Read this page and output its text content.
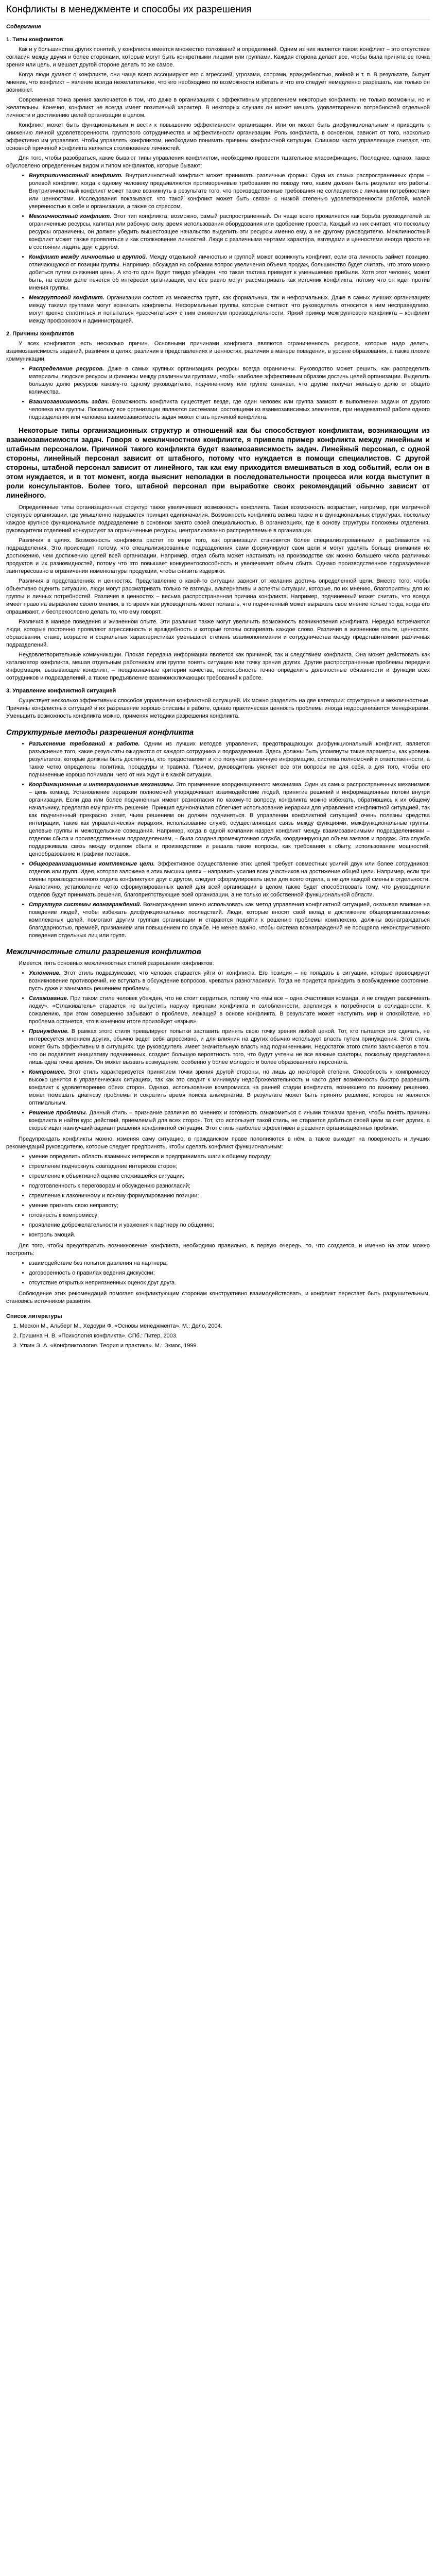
Конфликты в менеджменте и способы их разрешения
Содержание
1. Типы конфликтов

Как и у большинства других понятий, у конфликта имеется множество толкований и определений. Одним из них является такое: конфликт – это отсутствие согласия между двумя и более сторонами, которые могут быть конкретными лицами или группами. Каждая сторона делает все, чтобы была принята ее точка зрения или цель, и мешает другой стороне делать то же самое.

Когда люди думают о конфликте, они чаще всего ассоциируют его с агрессией, угрозами, спорами, враждебностью, войной и т. п. В результате, бытует мнение, что конфликт – явление всегда нежелательное, что его необходимо по возможности избегать и что его следует немедленно разрешать, как только он возникнет.

Современная точка зрения заключается в том, что даже в организациях с эффективным управлением некоторые конфликты не только возможны, но и желательны. Конечно, конфликт не всегда имеет позитивный характер. В некоторых случаях он может мешать удовлетворению потребностей отдельной личности и достижению целей организации в целом.

Конфликт может быть функциональным и вести к повышению эффективности организации. Или он может быть дисфункциональным и приводить к снижению личной удовлетворенности, группового сотрудничества и эффективности организации. Роль конфликта, в основном, зависит от того, насколько эффективно им управляют. Чтобы управлять конфликтом, необходимо понимать причины конфликтной ситуации. Слишком часто управляющие считают, что основной причиной конфликта является столкновение личностей.

Для того, чтобы разобраться, какие бывают типы управления конфликтом, необходимо провести тщательное классификацию. Последнее, однако, также обусловлено определенным видом и типом конфликтов, которые бывают:

• Внутриличностный конфликт. Внутриличностный конфликт может принимать различные формы. Одна из самых распространенных форм – ролевой конфликт, когда к одному человеку предъявляются противоречивые требования по поводу того, каким должен быть результат его работы. Внутриличностный конфликт может также возникнуть в результате того, что производственные требования не согласуются с личными потребностями или ценностями. Исследования показывают, что такой конфликт может быть связан с низкой степенью удовлетворенности работой, малой уверенностью в себе и организации, а также со стрессом.
• Межличностный конфликт. Этот тип конфликта, возможно, самый распространенный. Он чаще всего проявляется как борьба руководителей за ограниченные ресурсы, капитал или рабочую силу, время использования оборудования или одобрение проекта. Каждый из них считает, что поскольку ресурсы ограничены, он должен убедить вышестоящее начальство выделить эти ресурсы именно ему, а не другому руководителю. Межличностный конфликт может также проявляться и как столкновение личностей. Люди с различными чертами характера, взглядами и ценностями иногда просто не в состоянии ладить друг с другом.
• Конфликт между личностью и группой. Между отдельной личностью и группой может возникнуть конфликт, если эта личность займет позицию, отличающуюся от позиции группы. Например, обсуждая на собрании вопрос увеличения объема продаж, большинство будет считать, что этого можно добиться путем снижения цены. А кто-то один будет твердо убежден, что такая тактика приведет к уменьшению прибыли. Хотя этот человек, может быть, на самом деле печется об интересах организации, его все равно могут рассматривать как источник конфликта, потому что он идет против мнения группы.
• Межгрупповой конфликт. Организации состоят из множества групп, как формальных, так и неформальных. Даже в самых лучших организациях между такими группами могут возникать конфликты. Неформальные группы, которые считают, что руководитель относится к ним несправедливо, могут крепче сплотиться и попытаться «рассчитаться» с ним снижением производительности. Яркий пример межгруппового конфликта – конфликт между профсоюзом и администрацией.
2. Причины конфликтов

У всех конфликтов есть несколько причин. Основными причинами конфликта являются ограниченность ресурсов, которые надо делить, взаимозависимость заданий, различия в целях, различия в представлениях и ценностях, различия в манере поведения, в уровне образования, а также плохие коммуникации.

• Распределение ресурсов. Даже в самых крупных организациях ресурсы всегда ограничены. Руководство может решить, как распределить материалы, людские ресурсы и финансы между различными группами, чтобы наиболее эффективным образом достичь целей организации. Выделить большую долю ресурсов какому-то одному руководителю, подчиненному или группе означает, что другие получат меньшую долю от общего количества.
• Взаимозависимость задач. Возможность конфликта существует везде, где один человек или группа зависят в выполнении задачи от другого человека или группы. Поскольку все организации являются системами, состоящими из взаимозависимых элементов, при неадекватной работе одного подразделения или человека взаимозависимость задач может стать причиной конфликта.

Некоторые типы организационных структур и отношений как бы способствуют конфликтам, возникающим из взаимозависимости задач. Говоря о межличностном конфликте, я привела пример конфликта между линейным и штабным персоналом. Причиной такого конфликта будет взаимозависимость задач. Линейный персонал, с одной стороны, линейный персонал зависит от штабного, потому что нуждается в помощи специалистов. С другой стороны, штабной персонал зависит от линейного, так как ему приходится вмешиваться в ход событий, если он в этом нуждается, и в тот момент, когда выяснит неполадки в последовательности процесса или когда выступит в роли консультантов. Более того, штабной персонал при выработке своих рекомендаций обычно зависит от линейного.

Определённые типы организационных структур также увеличивают возможность конфликта. Такая возможность возрастает, например, при матричной структуре организации, где умышленно нарушается принцип единоначалия. Возможность конфликта велика также и в функциональных структурах, поскольку каждое крупное функциональное подразделение в основном занято своей специальностью. В организациях, где в основу структуры положены отделения, руководители отделений конкурируют за ограниченные ресурсы, централизованно распределяемые в организации.

Различия в целях. Возможность конфликта растет по мере того, как организации становятся более специализированными и разбиваются на подразделения. Это происходит потому, что специализированные подразделения сами формулируют свои цели и могут уделять больше внимания их достижению, чем достижению целей всей организации. Например, отдел сбыта может настаивать на производстве как можно большего числа различных продуктов и их разновидностей, потому что это повышает конкурентоспособность и увеличивает объем сбыта. Однако производственное подразделение заинтересовано в ограничении номенклатуры продукции, чтобы снизить издержки.

Различия в представлениях и ценностях. Представление о какой-то ситуации зависит от желания достичь определенной цели. Вместо того, чтобы объективно оценить ситуацию, люди могут рассматривать только те взгляды, альтернативы и аспекты ситуации, которые, по их мнению, благоприятны для их группы и личных потребностей. Различия в ценностях – весьма распространенная причина конфликта. Например, подчиненный может считать, что всегда имеет право на выражение своего мнения, в то время как руководитель может полагать, что подчиненный может выражать свое мнение только тогда, когда его спрашивают, и беспрекословно делать то, что ему говорят.

Различия в манере поведения и жизненном опыте. Эти различия также могут увеличить возможность возникновения конфликта. Нередко встречаются люди, которые постоянно проявляют агрессивность и враждебность и которые готовы оспаривать каждое слово. Различия в жизненном опыте, ценностях, образовании, стаже, возрасте и социальных характеристиках уменьшают степень взаимопонимания и сотрудничества между представителями различных подразделений.

Неудовлетворительные коммуникации. Плохая передача информации является как причиной, так и следствием конфликта. Она может действовать как катализатор конфликта, мешая отдельным работникам или группе понять ситуацию или точку зрения других. Другие распространенные проблемы передачи информации, вызывающие конфликт, – неоднозначные критерии качества, неспособность точно определить должностные обязанности и функции всех сотрудников и подразделений, а также предъявление взаимоисключающих требований к работе.

3. Управление конфликтной ситуацией

Существует несколько эффективных способов управления конфликтной ситуацией. Их можно разделить на две категории: структурные и межличностные. Причины конфликтных ситуаций и их разрешение хорошо описаны в работе, однако практическая ценность проблемы иногда недооценивается менеджерами. Уменьшить возможность конфликта можно, применяя методики разрешения конфликта.

Структурные методы разрешения конфликта
• Разъяснение требований к работе. Одним из лучших методов управления, предотвращающих дисфункциональный конфликт, является разъяснение того, какие результаты ожидаются от каждого сотрудника и подразделения. Здесь должны быть упомянуты такие параметры, как уровень результатов, которые должны быть достигнуты, кто предоставляет и кто получает различную информацию, система полномочий и ответственности, а также четко определены политика, процедуры и правила. Причем, руководитель уясняет все эти вопросы не для себя, а для того, чтобы его подчиненные хорошо понимали, чего от них ждут и в какой ситуации.
• Координационные и интеграционные механизмы. Это применение координационного механизма. Один из самых распространенных механизмов – цепь команд. Установление иерархии полномочий упорядочивает взаимодействие людей, принятие решений и информационные потоки внутри организации. Если два или более подчиненных имеют разногласия по какому-то вопросу, конфликта можно избежать, обратившись к их общему начальнику, предлагая ему принять решение. Принцип единоначалия облегчает использование иерархии для управления конфликтной ситуацией, так как подчиненный прекрасно знает, чьим решениям он должен подчиняться. В управлении конфликтной ситуацией очень полезны средства интеграции, такие как управленческая иерархия, использование служб, осуществляющих связь между функциями, межфункциональные группы, целевые группы и межотдельские совещания. Например, когда в одной компании назрел конфликт между взаимозависимыми подразделениями – отделом сбыта и производственным подразделением, – была создана промежуточная служба, координирующая объем заказов и продаж. Эта служба поддерживала связь между отделом сбыта и производством и решала такие вопросы, как требования к сбыту, использование мощностей, ценообразование и графики поставок.
• Общеорганизационные комплексные цели. Эффективное осуществление этих целей требует совместных усилий двух или более сотрудников, отделов или групп. Идея, которая заложена в этих высших целях – направить усилия всех участников на достижение общей цели. Например, если три смены производственного отдела конфликтуют друг с другом, следует сформулировать цели для всего отдела, а не для каждой смены в отдельности. Аналогично, установление четко сформулированных целей для всей организации в целом также будет способствовать тому, что руководители отделов будут принимать решения, благоприятствующие всей организации, а не только их собственной функциональной области.
• Структура системы вознаграждений. Вознаграждения можно использовать как метод управления конфликтной ситуацией, оказывая влияние на поведение людей, чтобы избежать дисфункциональных последствий. Люди, которые вносят свой вклад в достижение общеорганизационных комплексных целей, помогают другим группам организации и стараются подойти к решению проблемы комплексно, должны вознаграждаться благодарностью, премией, признанием или повышением по службе. Не менее важно, чтобы система вознаграждений не поощряла неконструктивного поведения отдельных лиц или групп.
Межличностные стили разрешения конфликтов

Имеется, пять основных межличностных стилей разрешения конфликтов:

• Уклонение. Этот стиль подразумевает, что человек старается уйти от конфликта. Его позиция – не попадать в ситуации, которые провоцируют возникновение противоречий, не вступать в обсуждение вопросов, чреватых разногласиями. Тогда не придется приходить в возбужденное состояние, пусть даже и занимаясь решением проблемы.
• Сглаживание. При таком стиле человек убежден, что не стоит сердиться, потому что «мы все – одна счастливая команда, и не следует раскачивать лодку». «Сглаживатель» старается не выпустить наружу признаки конфликта и озлобленности, апеллируя к потребности в солидарности. К сожалению, при этом совершенно забывают о проблеме, лежащей в основе конфликта. В результате может наступить мир и спокойствие, но проблема останется, что в конечном итоге произойдет «взрыв».
• Принуждение. В рамках этого стиля превалируют попытки заставить принять свою точку зрения любой ценой. Тот, кто пытается это сделать, не интересуется мнением других, обычно ведет себя агрессивно, и для влияния на других обычно использует власть путем принуждения. Этот стиль может быть эффективным в ситуациях, где руководитель имеет значительную власть над подчиненными. Недостаток этого стиля заключается в том, что он подавляет инициативу подчиненных, создает большую вероятность того, что будут учтены не все важные факторы, поскольку представлена лишь одна точка зрения. Он может вызвать возмущение, особенно у более молодого и более образованного персонала.
• Компромисс. Этот стиль характеризуется принятием точки зрения другой стороны, но лишь до некоторой степени. Способность к компромиссу высоко ценится в управленческих ситуациях, так как это сводит к минимуму недоброжелательность и часто дает возможность быстро разрешить конфликт к удовлетворению обеих сторон. Однако, использование компромисса на ранней стадии конфликта, возникшего по важному решению, может помешать диагнозу проблемы и сократить время поиска альтернатив. В результате может быть принято решение, которое не является оптимальным.
• Решение проблемы. Данный стиль – признание различия во мнениях и готовность ознакомиться с иными точками зрения, чтобы понять причины конфликта и найти курс действий, приемлемый для всех сторон. Тот, кто использует такой стиль, не старается добиться своей цели за счет других, а скорее ищет наилучший вариант решения конфликтной ситуации. Этот стиль наиболее эффективен в решении организационных проблем.

Предупреждать конфликты можно, изменяя саму ситуацию, в гражданском праве пополняются в нём, а также выходит на поверхность и лучших рекомендаций руководителю, которые следует предпринять, чтобы сделать конфликт функциональным:

• умение определить область взаимных интересов и предпринимать шаги к общему подходу;
• стремление подчеркнуть совпадение интересов сторон;
• стремление к объективной оценке сложившейся ситуации;
• подготовленность к переговорам и обсуждению разногласий;
• стремление к лаконичному и ясному формулированию позиции;
• умение признать свою неправоту;
• готовность к компромиссу;
• проявление доброжелательности и уважения к партнеру по общению;
• контроль эмоций.

Для того, чтобы предотвратить возникновение конфликта, необходимо правильно, в первую очередь, то, что создается, и именно на этом можно построить:

• взаимодействие без попыток давления на партнера;
• договоренность о правилах ведения дискуссии;
• отсутствие открытых неприязненных оценок друг друга.

Соблюдение этих рекомендаций помогает конфликтующим сторонам конструктивно взаимодействовать, и конфликт перестает быть разрушительным, становясь источником развития.

Список литературы
1. Мескон М., Альберт М., Хедоури Ф. «Основы менеджмента». М.: Дело, 2004.
2. Гришина Н. В. «Психология конфликта». СПб.: Питер, 2003.
3. Уткин Э. А. «Конфликтология. Теория и практика». М.: Экмос, 1999.
